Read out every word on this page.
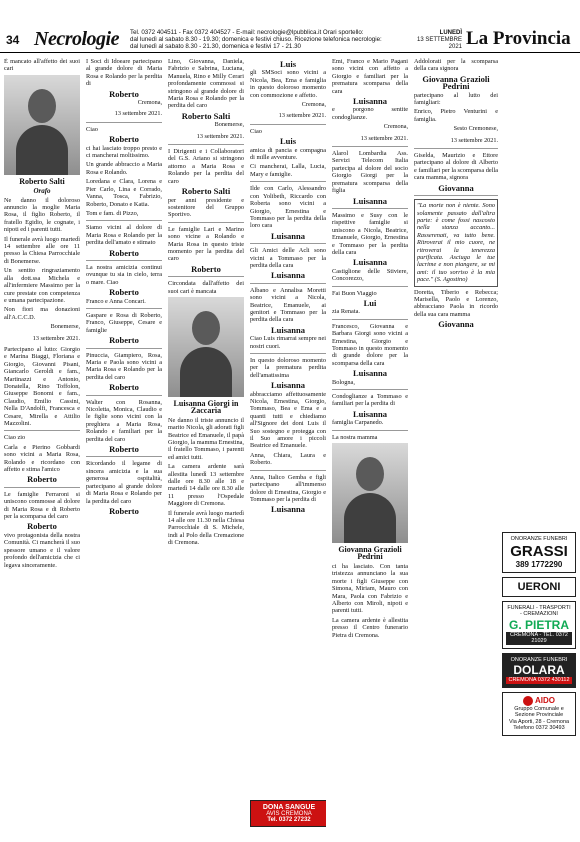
34 Necrologie Tel. 0372 404511 - Fax 0372 404527 - E-mail: necrologie@lpubblica.it Orari sportello:
dal lunedì al sabato 8.30 - 19.30; domenica e festivi chiuso. Ricezione telefonica necrologie:
dal lunedì al sabato 8.30 - 21.30, domenica e festivi 17 - 21.30
LUNEDÌ
13 SETTEMBRE 2021 La Provincia

È mancato all'affetto dei suoi cari

Roberto Salti
Orafo

Ne danno il doloroso annuncio la moglie Maria Rosa, il figlio Roberto, il fratello Egidio, le cognate, i nipoti ed i parenti tutti.

Il funerale avrà luogo martedì 14 settembre alle ore 11 presso la Chiesa Parrocchiale di Bonemerse.

Un sentito ringraziamento alla dott.ssa Michela e all'infermiere Massimo per la cure prestate con competenza e umana partecipazione.

Non fiori ma donazioni all'A.C.C.D.

Bonemerse,
13 settembre 2021.

Partecipano al lutto: Giorgio e Marina Biaggi, Floriana e Giorgio, Giovanni Pisani, Giancarlo Geroldi e fam., Martinazzi e Antonio, Donatella, Rino Toffolon, Giuseppe Bonomi e fam., Claudio, Emilio Cassini, Nella D'Andolfi, Francesca e Cesare, Mirella e Attilio Mazzolini.

Ciao zio

Carla e Pierino Gobbardi sono vicini a Maria Rosa, Rolando e ricordano con affetto e stima l'amico

Roberto

Le famiglie Ferraroni si uniscono commosse al dolore di Maria Rosa e di Roberto per la scomparsa del caro

Roberto

vivo protagonista della nostra Comunità. Ci mancherà il suo spessore umano e il valore profondo dell'amicizia che ci legava sinceramente.

I Soci di Idoeare partecipano al grande dolore di Maria Rosa e Rolando per la perdita di

Roberto
Cremona,
13 settembre 2021.

Ciao

Roberto

ci hai lasciato troppo presto e ci mancherai moltissimo.

Un grande abbraccio a Maria Rosa e Rolando.

Loredana e Clara, Lorena e Pier Carlo, Lina e Corrado, Vanna, Tosca, Fabrizio, Roberto, Donato e Katia.

Tom e fam. di Pizzo,

Siamo vicini al dolore di Maria Rosa e Rolando per la perdita dell'amato e stimato

Roberto

La nostra amicizia continui ovunque tu sia in cielo, terra o mare. Ciao

Roberto

Franco e Anna Concari.

Gaspare e Rosa di Roberto, Franco, Giuseppe, Cesare e famiglie

Roberto

Pinuccia, Giampiero, Rosa, Maria e Paola sono vicini a Maria Rosa e Rolando per la perdita del caro

Roberto

Walter con Rosanna, Nicoletta, Monica, Claudio e le figlie sono vicini con la preghiera a Maria Rosa, Rolando e familiari per la perdita del caro

Roberto

Ricordando il legame di sincera amicizia e la sua generosa ospitalità, partecipano al grande dolore di Maria Rosa e Rolando per la perdita del caro

Roberto

Lino, Giovanna, Daniela, Fabrizio e Sabrina, Luciana, Manuela, Rino e Milly Cerari profondamente commossi si stringono al grande dolore di Maria Rosa e Rolando per la perdita del caro

Roberto Salti
Bonemerse,
13 settembre 2021.

I Dirigenti e i Collaboratori del G.S. Ariano si stringono attorno a Maria Rosa e Rolando per la perdita del caro

Roberto Salti

per anni presidente e sostenitore del Gruppo Sportivo.

Le famiglie Lari e Marino sono vicine a Rolando e Maria Rosa in questo triste momento per la perdita del caro

Roberto

Circondata dall'affetto dei suoi cari è mancata

Luisanna Giorgi in Zaccaria

Ne danno il triste annuncio il marito Nicola, gli adorati figli Beatrice ed Emanuele, il papà Giorgio, la mamma Ernestina, il fratello Tommaso, i parenti ed amici tutti.

La camera ardente sarà allestita lunedì 13 settembre dalle ore 8.30 alle 18 e martedì 14 dalle ore 8.30 alle 11 presso l'Ospedale Maggiore di Cremona.

Il funerale avrà luogo martedì 14 alle ore 11.30 nella Chiesa Parrocchiale di S. Michele, indi al Polo della Cremazione di Cremona.

Luis

gli SMSoci sono vicini a Nicola, Bea, Ema e famiglia in questo doloroso momento con commozione e affetto.

Cremona,
13 settembre 2021.

Ciao

Luis

amica di pancia e compagna di mille avventure.

Ci mancherai, Lalla, Lucia, Mary e famiglie.

Ilde con Carlo, Alessandro con Yolibeth, Riccardo con Roberta sono vicini a Giorgio, Ernestina e Tommaso per la perdita della loro cara

Luisanna

Gli Amici delle Acli sono vicini a Tommaso per la perdita della cara

Luisanna

Albano e Annalisa Moretti sono vicini a Nicola, Beatrice, Emanuele, ai genitori e Tommaso per la perdita della cara

Luisanna

Ciao Luis rimarrai sempre nei nostri cuori.

In questo doloroso momento per la prematura perdita dell'amatissima

Luisanna

abbracciamo affettuosamente Nicola, Ernestina, Giorgio, Tommaso, Bea e Ema e a quanti tutti e chiediamo all'Signore dei doni Luis il Suo sostegno e protegga con il Suo amore i piccoli Beatrice ed Emanuele.

Anna, Chiara, Laura e Roberto.

Anna, Italico Gemba e figli partecipano all'immenso dolore di Ernestina, Giorgio e Tommaso per la perdita di

Luisanna
DONA SANGUE
AVIS CREMONA
Tel. 0372 27232

Emi, Franco e Mario Pagani sono vicini con affetto a Giorgio e familiari per la prematura scomparsa della cara

Luisanna

e porgono sentite condoglianze.

Cremona,
13 settembre 2021.

Alarol Lombardia Ass. Servizi Telecom Italia partecipa al dolore del socio Giorgio Giorgi per la prematura scomparsa della figlia

Luisanna

Massimo e Susy con le rispettive famiglie si uniscono a Nicola, Beatrice, Emanuele, Giorgio, Ernestina e Tommaso per la perdita della cara

Luisanna

Castiglione delle Stiviere, Concorezzo,

Fai Buon Viaggio

Lui

zia Renata.

Francesco, Giovanna e Barbara Giorgi sono vicini a Ernestina, Giorgio e Tommaso in questo momento di grande dolore per la scomparsa della cara

Luisanna

Bologna,

Condoglianze a Tommaso e familiari per la perdita di

Luisanna

famiglia Carpanedo.

La nostra mamma

Giovanna Grazioli Pedrini

ci ha lasciato. Con tanta tristezza annunciano la sua morte i figli Giuseppe con Simona, Miriam, Mauro con Mara, Paola con Fabrizio e Alberto con Miroli, nipoti e parenti tutti.

La camera ardente è allestita presso il Centro funerario Pietra di Cremona.

Addolorati per la scomparsa della cara signora

Giovanna Grazioli Pedrini

partecipano al lutto dei famigliari:

Enrico, Pietro Venturini e famiglia.

Sesto Cremonese,
13 settembre 2021.

Giselda, Maurizio e Ettore partecipano al dolore di Alberto e familiari per la scomparsa della cara mamma, signora

Giovanna

"La morte non è niente. Sono solamente passato dall'altra parte: è come fossi nascosto nella stanza accanto... Rasserenati, va tutto bene. Ritroverai il mio cuore, ne ritroverai la tenerezza purificata. Asciuga le tue lacrime e non piangere, se mi ami: il tuo sorriso è la mia pace." (S. Agostino)

Doretta, Tiberio e Rebecca; Marisella, Paolo e Lorenzo, abbracciano Paola in ricordo della sua cara mamma

Giovanna
ONORANZE FUNEBRI
GRASSI
389 1772290
UERONI
FUNERALI - TRASPORTI - CREMAZIONI
G. PIETRA
CREMONA - TEL. 0372 21029
ONORANZE FUNEBRI
DOLARA
CREMONA 0372 430112
AIDO
Gruppo Comunale e Sezione Provinciale
Via Aporti, 28 - Cremona
Telefono 0372 30493
